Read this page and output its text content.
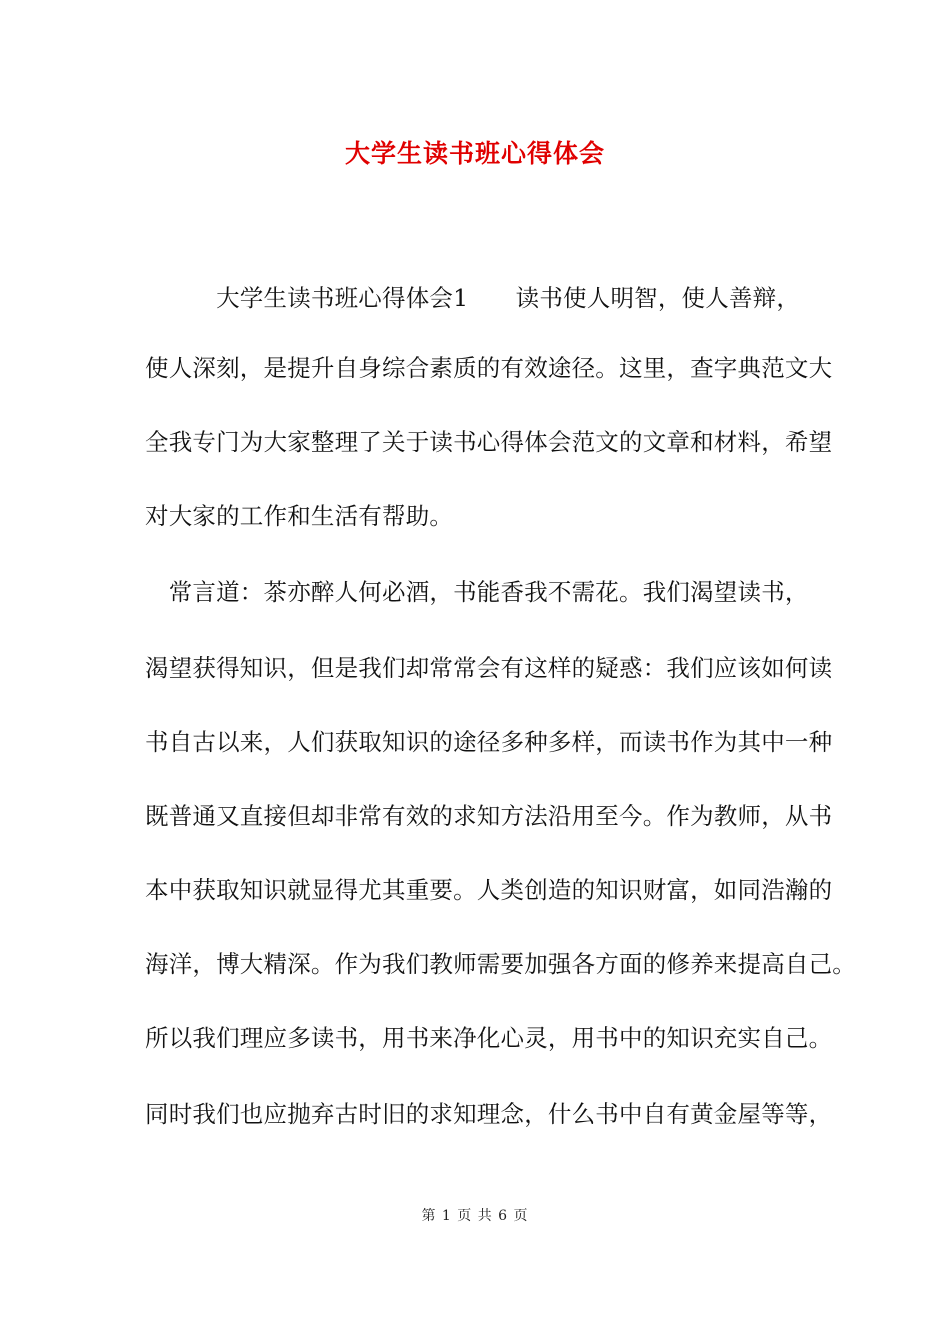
大学生读书班心得体会
　　　大学生读书班心得体会1　　读书使人明智，使人善辩，
使人深刻，是提升自身综合素质的有效途径。这里，查字典范文大
全我专门为大家整理了关于读书心得体会范文的文章和材料，希望
对大家的工作和生活有帮助。
　常言道：茶亦醉人何必酒，书能香我不需花。我们渴望读书，
渴望获得知识，但是我们却常常会有这样的疑惑：我们应该如何读
书自古以来，人们获取知识的途径多种多样，而读书作为其中一种
既普通又直接但却非常有效的求知方法沿用至今。作为教师，从书
本中获取知识就显得尤其重要。人类创造的知识财富，如同浩瀚的
海洋，博大精深。作为我们教师需要加强各方面的修养来提高自己。
所以我们理应多读书，用书来净化心灵，用书中的知识充实自己。
同时我们也应抛弃古时旧的求知理念，什么书中自有黄金屋等等，
第 1 页 共 6 页
